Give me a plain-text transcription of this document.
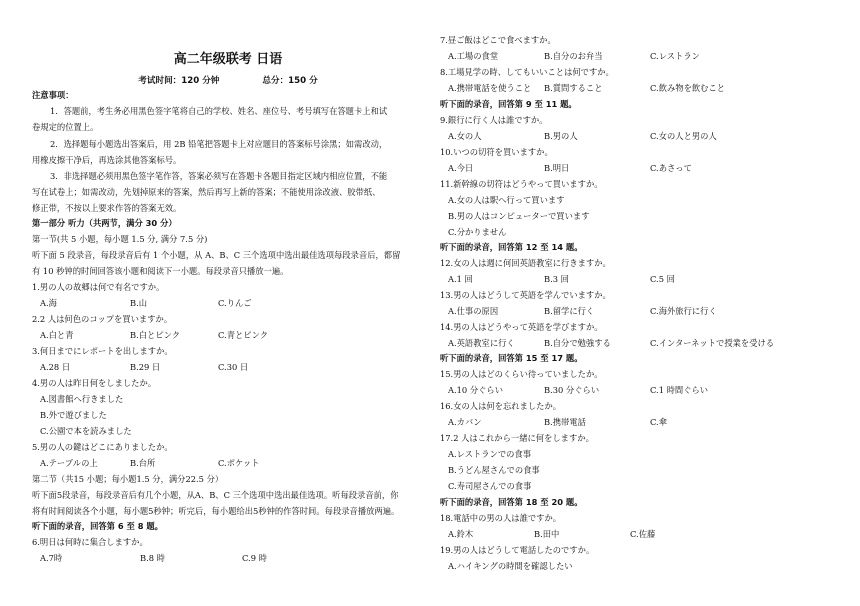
高二年级联考 日语
考试时间：120 分钟	总分：150 分
注意事项：
1．答题前，考生务必用黑色签字笔将自己的学校、姓名、座位号、考号填写在答题卡上和试
卷規定的位置上。
2．选择题每小题选出答案后，用 2B 铅笔把答题卡上对应题目的答案标号涂黑；如需改动，
用橡皮擦干净后，再选涂其他答案标号。
3．非选择题必须用黑色签字笔作答，答案必须写在答题卡各题目指定区域内相应位置，不能
写在试卷上；如需改动，先划掉原来的答案，然后再写上新的答案；不能使用涂改液、胶带纸、
修正带，不按以上要求作答的答案无效。
第一部分 听力（共两节，满分 30 分）
第一节(共 5 小题，每小题 1.5 分, 满分 7.5 分)
听下面 5 段录音，每段录音后有 1 个小题，从 A、B、C 三个选项中选出最佳选项每段录音后，都留
有 10 秒钟的时间回答该小题和阅读下一小题。每段录音只播放一遍。
1.男の人の故郷は何で有名ですか。
A.海	B.山	C.りんご
2.2 人は何色のコップを買いますか。
A.白と青	B.白とピンク	C.青とピンク
3.何日までにレポートを出しますか。
A.28 日	B.29 日	C.30 日
4.男の人は昨日何をしましたか。
A.図書館へ行きました
B.外で遊びました
C.公園で本を読みました
5.男の人の鍵はどこにありましたか。
A.テーブルの上	B.台所	C.ポケット
第二节（共15 小题；每小题1.5 分，满分22.5 分）
听下面5段录音，每段录音后有几个小题，从A、B、C 三个选项中选出最佳选项。听每段录音前，你
将有时间阅读各个小题，每小题5秒钟；听完后，每小题给出5秒钟的作答时间。每段录音播放两遍。
听下面的录音，回答第 6 至 8 题。
6.明日は何時に集合しますか。
A.7時	B.8 時	C.9 時
7.昼ご飯はどこで食べますか。
A.工場の食堂	B.自分のお弁当	C.レストラン
8.工場見学の時、してもいいことは何ですか。
A.携帯電話を使うこと B.質問すること	C.飲み物を飲むこと
听下面的录音，回答第 9 至 11 题。
9.銀行に行く人は誰ですか。
A.女の人	B.男の人	C.女の人と男の人
10.いつの切符を買いますか。
A.今日	B.明日	C.あさって
11.新幹線の切符はどうやって買いますか。
A.女の人は駅へ行って買います
B.男の人はコンピューターで買います
C.分かりません
听下面的录音，回答第 12 至 14 题。
12.女の人は週に何回英語教室に行きますか。
A.1 回	B.3 回	C.5 回
13.男の人はどうして英語を学んでいますか。
A.仕事の原因	B.留学に行く	C.海外旅行に行く
14.男の人はどうやって英語を学びますか。
A.英語教室に行く	B.自分で勉強する	C.インターネットで授業を受ける
听下面的录音，回答第 15 至 17 题。
15.男の人はどのくらい待っていましたか。
A.10 分ぐらい	B.30 分ぐらい	C.1 時間ぐらい
16.女の人は何を忘れましたか。
A.カバン	B.携帯電話	C.傘
17.2 人はこれから一緒に何をしますか。
A.レストランでの食事
B.うどん屋さんでの食事
C.寿司屋さんでの食事
听下面的录音，回答第 18 至 20 题。
18.電話中の男の人は誰ですか。
A.鈴木	B.田中	C.佐藤
19.男の人はどうして電話したのですか。
A.ハイキングの時間を確認したい
